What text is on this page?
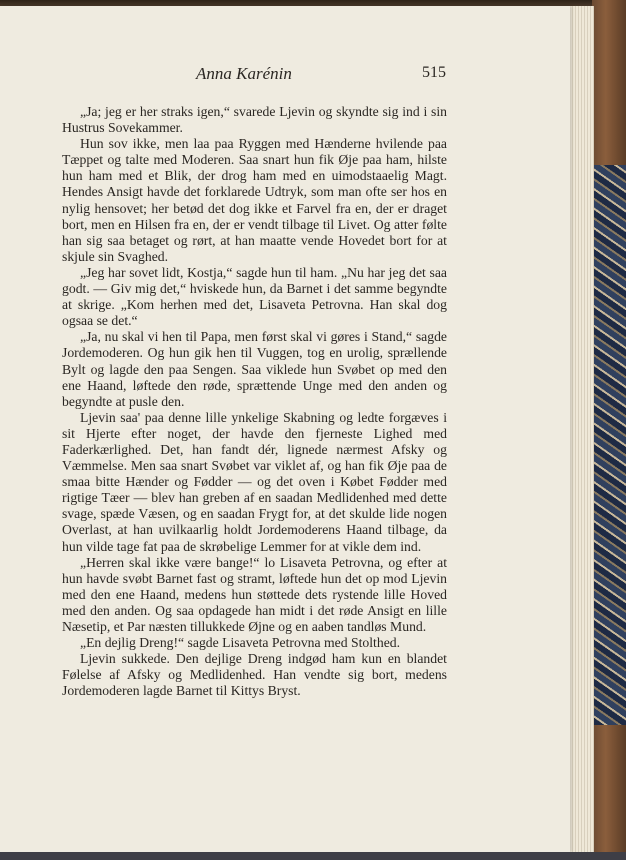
Anna Karénin	515

„Ja; jeg er her straks igen,“ svarede Ljevin og skyndte sig ind i sin Hustrus Sovekammer.

Hun sov ikke, men laa paa Ryggen med Hænderne hvilende paa Tæppet og talte med Moderen. Saa snart hun fik Øje paa ham, hilste hun ham med et Blik, der drog ham med en uimodstaaelig Magt. Hendes Ansigt havde det forklarede Udtryk, som man ofte ser hos en nylig hensovet; her betød det dog ikke et Farvel fra en, der er draget bort, men en Hilsen fra en, der er vendt tilbage til Livet. Og atter følte han sig saa betaget og rørt, at han maatte vende Hovedet bort for at skjule sin Svaghed.

„Jeg har sovet lidt, Kostja,“ sagde hun til ham. „Nu har jeg det saa godt. — Giv mig det,“ hviskede hun, da Barnet i det samme begyndte at skrige. „Kom herhen med det, Lisaveta Petrovna. Han skal dog ogsaa se det.“

„Ja, nu skal vi hen til Papa, men først skal vi gøres i Stand,“ sagde Jordemoderen. Og hun gik hen til Vuggen, tog en urolig, sprællende Bylt og lagde den paa Sengen. Saa viklede hun Svøbet op med den ene Haand, løftede den røde, sprættende Unge med den anden og begyndte at pusle den.

Ljevin saa' paa denne lille ynkelige Skabning og ledte forgæves i sit Hjerte efter noget, der havde den fjerneste Lighed med Faderkærlighed. Det, han fandt dér, lignede nærmest Afsky og Væmmelse. Men saa snart Svøbet var viklet af, og han fik Øje paa de smaa bitte Hænder og Fødder — og det oven i Købet Fødder med rigtige Tæer — blev han greben af en saadan Medlidenhed med dette svage, spæde Væsen, og en saadan Frygt for, at det skulde lide nogen Overlast, at han uvilkaarlig holdt Jordemoderens Haand tilbage, da hun vilde tage fat paa de skrøbelige Lemmer for at vikle dem ind.

„Herren skal ikke være bange!“ lo Lisaveta Petrovna, og efter at hun havde svøbt Barnet fast og stramt, løftede hun det op mod Ljevin med den ene Haand, medens hun støttede dets rystende lille Hoved med den anden. Og saa opdagede han midt i det røde Ansigt en lille Næsetip, et Par næsten tillukkede Øjne og en aaben tandløs Mund.

„En dejlig Dreng!“ sagde Lisaveta Petrovna med Stolthed.

Ljevin sukkede. Den dejlige Dreng indgød ham kun en blandet Følelse af Afsky og Medlidenhed. Han vendte sig bort, medens Jordemoderen lagde Barnet til Kittys Bryst.
